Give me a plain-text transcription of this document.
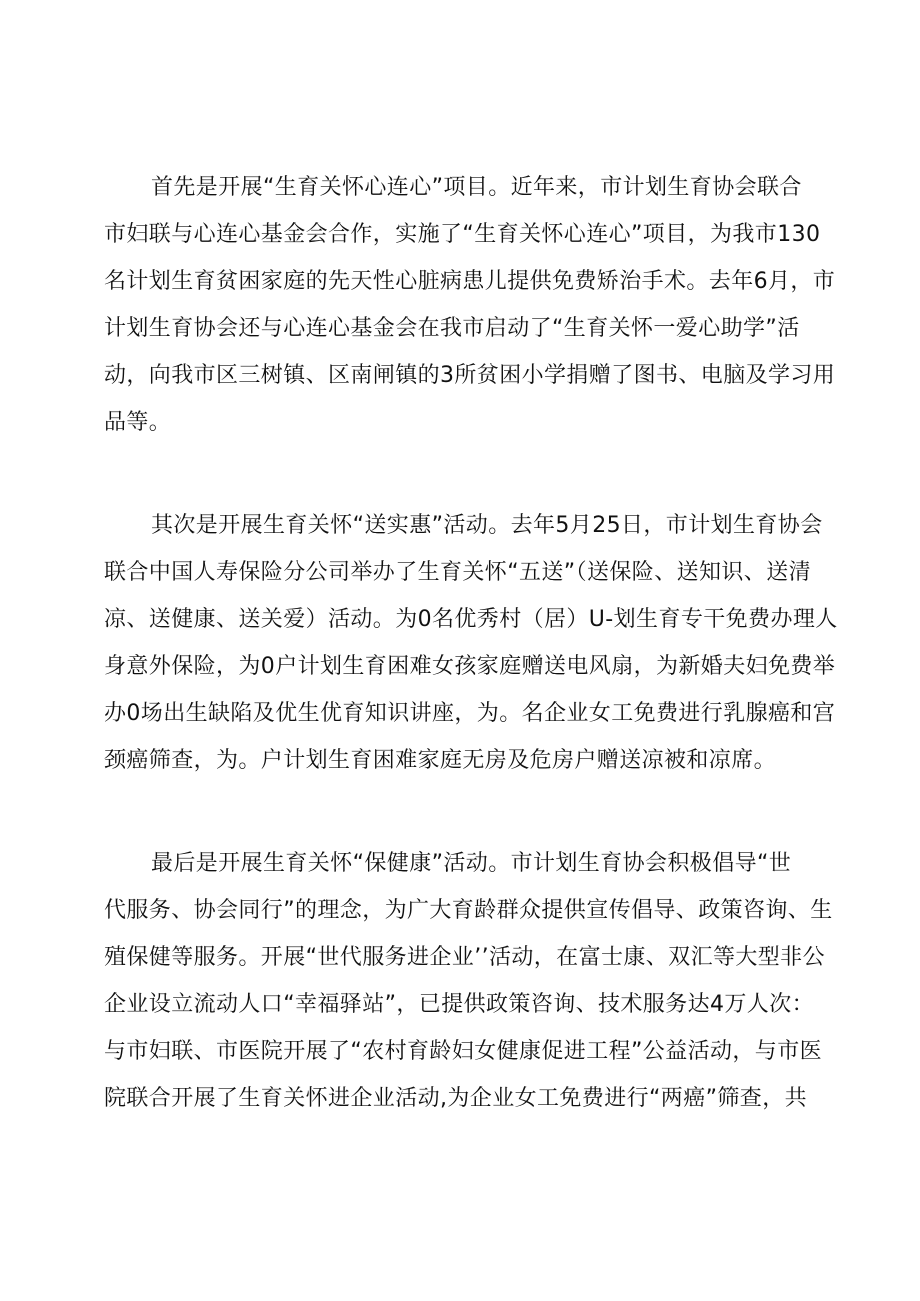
首先是开展“生育关怀心连心”项目。近年来，市计划生育协会联合
市妇联与心连心基金会合作，实施了“生育关怀心连心”项目，为我市130
名计划生育贫困家庭的先天性心脏病患儿提供免费矫治手术。去年6月，市
计划生育协会还与心连心基金会在我市启动了“生育关怀一爱心助学”活
动，向我市区三树镇、区南闸镇的3所贫困小学捐赠了图书、电脑及学习用
品等。
其次是开展生育关怀“送实惠”活动。去年5月25日，市计划生育协会
联合中国人寿保险分公司举办了生育关怀“五送”（送保险、送知识、送清
凉、送健康、送关爱）活动。为0名优秀村（居）U-划生育专干免费办理人
身意外保险，为0户计划生育困难女孩家庭赠送电风扇，为新婚夫妇免费举
办0场出生缺陷及优生优育知识讲座，为。名企业女工免费进行乳腺癌和宫
颈癌筛查，为。户计划生育困难家庭无房及危房户赠送凉被和凉席。
最后是开展生育关怀“保健康”活动。市计划生育协会积极倡导“世
代服务、协会同行”的理念，为广大育龄群众提供宣传倡导、政策咨询、生
殖保健等服务。开展“世代服务进企业’’活动，在富士康、双汇等大型非公
企业设立流动人口“幸福驿站”，已提供政策咨询、技术服务达4万人次：
与市妇联、市医院开展了“农村育龄妇女健康促进工程”公益活动，与市医
院联合开展了生育关怀进企业活动,为企业女工免费进行“两癌”筛查，共
